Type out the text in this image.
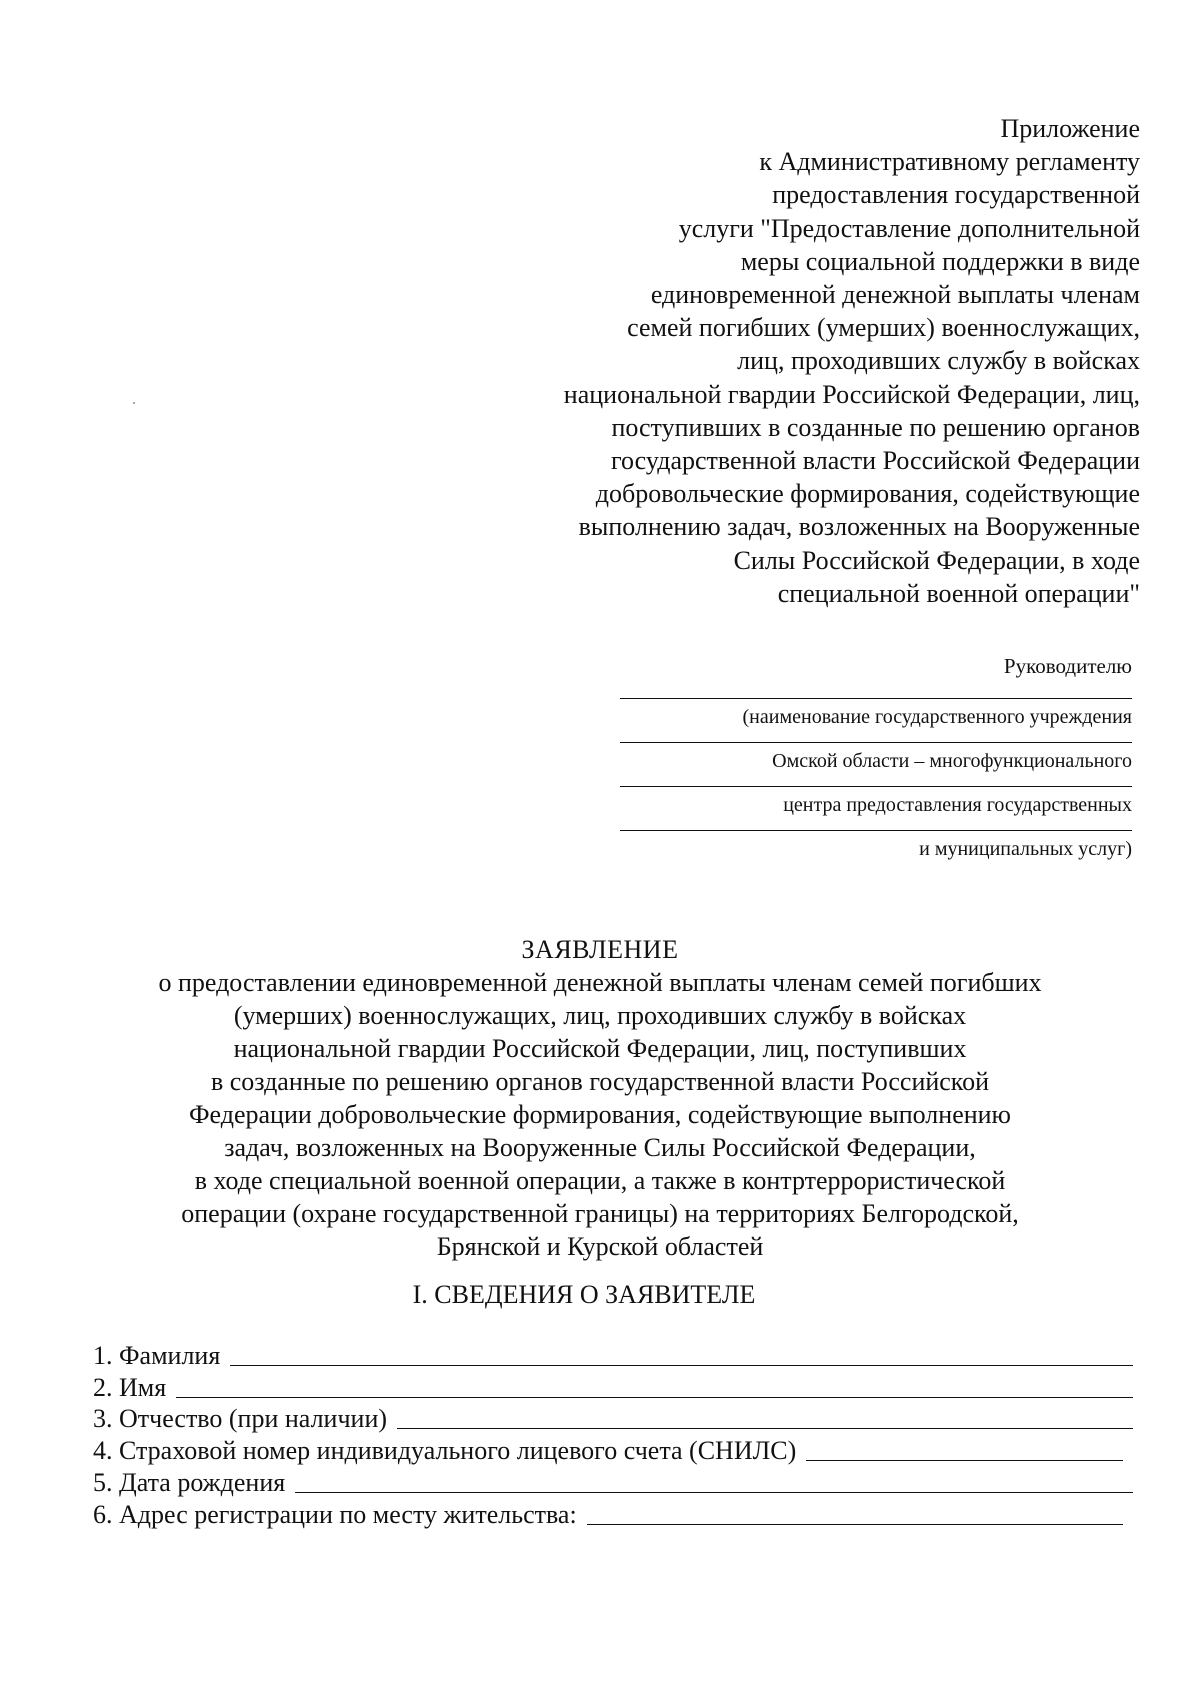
Приложение
к Административному регламенту
предоставления государственной
услуги "Предоставление дополнительной
меры социальной поддержки в виде
единовременной денежной выплаты членам
семей погибших (умерших) военнослужащих,
лиц, проходивших службу в войсках
национальной гвардии Российской Федерации, лиц,
поступивших в созданные по решению органов
государственной власти Российской Федерации
добровольческие формирования, содействующие
выполнению задач, возложенных на Вооруженные
Силы Российской Федерации, в ходе
специальной военной операции"
Руководителю
(наименование государственного учреждения
Омской области – многофункционального
центра предоставления государственных
и муниципальных услуг)
ЗАЯВЛЕНИЕ
о предоставлении единовременной денежной выплаты членам семей погибших
(умерших) военнослужащих, лиц, проходивших службу в войсках
национальной гвардии Российской Федерации, лиц, поступивших
в созданные по решению органов государственной власти Российской
Федерации добровольческие формирования, содействующие выполнению
задач, возложенных на Вооруженные Силы Российской Федерации,
в ходе специальной военной операции, а также в контртеррористической
операции (охране государственной границы) на территориях Белгородской,
Брянской и Курской областей
I. СВЕДЕНИЯ О ЗАЯВИТЕЛЕ
1. Фамилия
2. Имя
3. Отчество (при наличии)
4. Страховой номер индивидуального лицевого счета (СНИЛС)
5. Дата рождения
6. Адрес регистрации по месту жительства:
